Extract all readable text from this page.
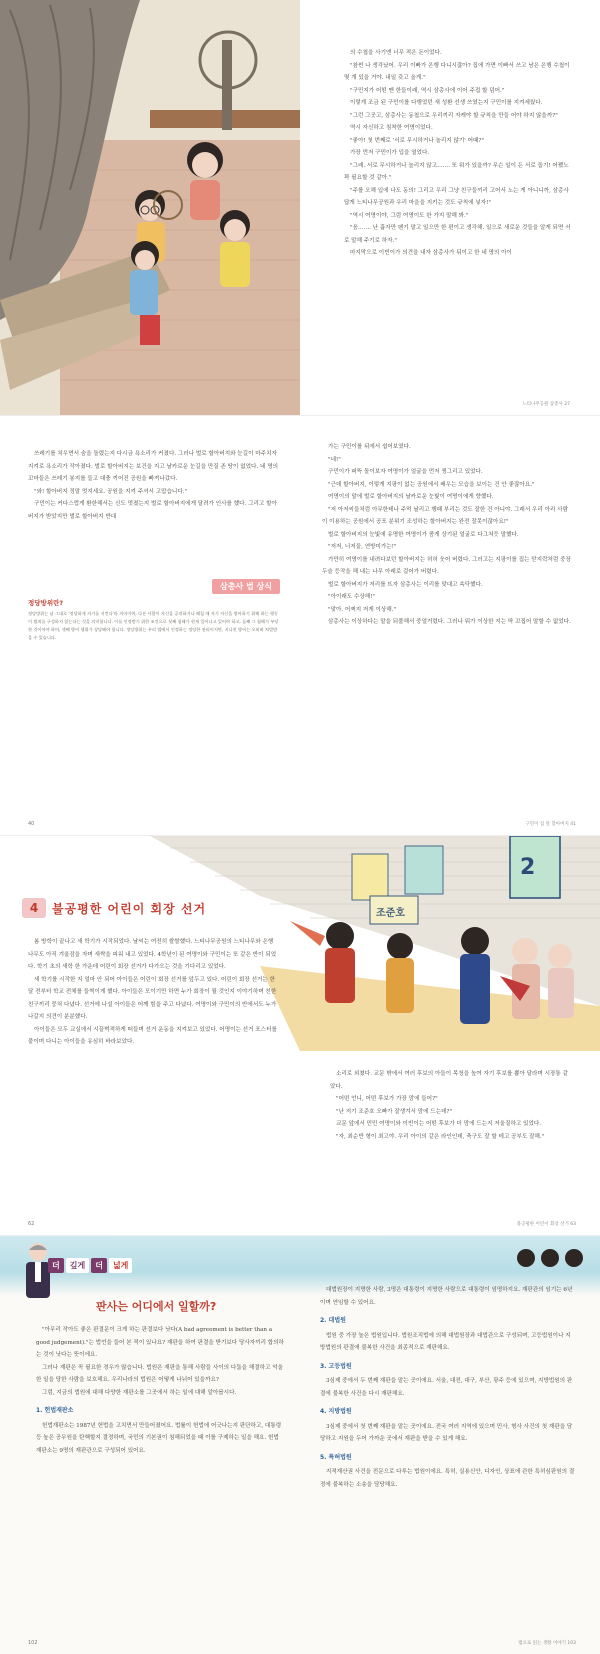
의 수첩을 사기엔 너무 적은 돈이었다.

"참썬 나 생각났어. 우리 이빠가 은행 다니시잖아? 집에 가면 이빠서 쓰고 남은 은행 수첩이 몇 개 있을 거야. 내일 갖고 올게."

"구민지가 어떤 맨 한들이래, 역시 삼총사에 이어 주접 할 덤어."

이렇게 조금 된 구민이를 다행었던 새 성환 선생 쓰였는지 구민이를 지켜세웠다.

"그런 그곳고, 삼총사는 동첩으로 우리끼리 자캐야 할 규칙을 만들 어야 하지 않을까?"

역시 자신하고 침착한 여명이었다.

"좋아! 첫 번째로 '서로 무시하거나 놀리지 않기' 어때?"

가장 먼저 구민이가 입을 열었다.

"그래. 서로 무시하거나 놀리지 않고……. 또 뭐가 있을까? 무슨 일이 든 서로 돕기! 어쨌노 꽉 필요할 것 같아."

"주를 오해 입에 나도 동의! 그리고 우리 그냥 친구들끼리 고어서 노는 게 아니니까, 삼총사답게 느티나무공원과 우리 마을을 지키는 것도 규칙에 넣자!"

"역시 여명이야, 그럼 여명이도 한 가지 말해 봐."

"음……. 난 흡자만 펜기 말고 일으만 한 편이고 생각해. 일으로 새로운 것들을 알게 되면 서로 말해 주기로 하자."

마지막으로 이빈이가 의견을 내자 삼총사가 뒤이고 한 네 명의 아이

느티나무공원 삼총사 27

쓰레기를 치우면서 숨을 돌렸는지 다시금 욕소리가 커졌다. 그러나 벌로 할아버지와 눈길이 마주치자 지켜로 욕소리가 작아졌다. 벌로 할아버지는 보건을 지고 날카로운 눈길을 만질 존 땅이 없었다. 네 명의 꼬마들은 쓰레기 봉지를 들고 대충 끼어진 공원을 빠져나갔다.

"와! 할아버지 정말 멋지세요. 공원을 지켜 주셔서 고맙습니다."

구민이는 커다스럽게 환한해서는 신도 멋졌는지 벌로 할아버지에게 달려가 인사를 했다. 그리고 할아버지가 받았지만 벌로 할아버지 반대

삼총사 법 상식
정당방위란?
정당방위는 남 그대로 '정당하게 자기를 지킨다'라 의미이며, 다른 사람이 자신을 공격하거나 해칠 때 자기 자신을 방어하기 위해 하는 행동이 범죄를 구성하지 않는다는 것을 의미합니다. 이를 인정받기 위한 조건으로 첫째 침해가 현재 일어나고 있어야 하고, 둘째 그 침해가 부당한 것이어야 하며, 셋째 방어 행위가 상당해야 합니다. 정당방위는 우리 법에서 인정하는 정당한 권리이지만, 지나친 방어는 오히려 처벌받을 수 있습니다.
40

가는 구민이를 뒤에서 쉽어보였다.

"네!"

구민이가 퍼뜩 돌이보자 여명이가 얼굴을 먼저 찡그리고 있었다.

"근데 할아버지, 이렇게 지팡이 없는 공원에서 배우는 모습을 보이는 건 안 좋잖아요."

여명이의 말에 벌로 할아버지의 날카로운 눈빛이 여명이에게 향했다.

"저 아저씨들처럼 아무한테나 주먹 날리고 행패 부리는 것도 잘한 건 아니야. 그래서 우리 아리 사람이 이용하는 공원에서 공포 분위기 조성하는 할아버지는 완전 잘못이잖아요!"

벌로 할아버지의 눈빛에 유명한 여명이가 콤게 상기된 얼굴로 다그쳐듯 말했다.

"저저, 너저들, 연방미가는!"

가만히 여명이를 내려다보던 할아버지는 허허 웃어 버렸다. 그러고는 지팡이를 집는 맏지락처럼 중장 두슬 등작을 해 내는 나무 아래로 걸어가 버렸다.

벌로 할아버지가 저리를 뜨자 삼총사는 이리를 맞대고 속닥했다.

"아이래도 수상해!"

"맞아. 어쩌지 저게 이상해."

삼총사는 이상하다는 말을 되풀해서 중얼거렸다. 그러나 뭐가 이상한 지는 딱 꼬집어 말할 수 없었다.

구민이 집 앞 할아버지 41
2
조준호
4	불공평한 어린이 회장 선거

봄 방학이 끝나고 새 학기가 시작되었다. 날씨는 여전히 쌀쌀했다. 느티나무공원의 느티나무와 은행나무도 아직 겨울잠을 자며 새싹을 피워 내고 있었다. 4학년이 된 여명이와 구민이는 또 같은 반이 되었다. 학기 초의 새학 한 가운데 어린이 회장 선거가 다가오는 것을 기다리고 있었다.

새 학기를 시작한 지 얼마 안 되어 아이들은 어린이 회장 선거를 앞두고 있다. 어린이 회장 선거는 한 달 전부터 학교 전체를 들썩이게 했다. 아이들은 모이기만 하면 누가 회장이 될 것인지 이야기하며 친한 친구끼리 뭉쳐 다녔다. 선거에 나설 아이들은 어깨 힘을 주고 다녔다. 여명이와 구민이의 반에서도 누가 나갈지 의견이 분분했다.

아이들은 모두 교실에서 시끌벅적하게 떠들며 선거 운동을 지켜보고 있었다. 어명이는 선거 포스터를 붙이며 다니는 아이들을 유심히 바라보았다.

62

소리로 외쳤다. 교문 밖에서 여러 후보의 아들이 목청을 높여 자기 후보를 뽑아 달라며 시장통 같았다.

"어떤 언니, 어떤 후보가 가장 맘에 들어?"

"난 저기 조준호 오빠가 잘생겨서 맘에 드는데?"

교문 앞에서 민민 여명이와 이빈이는 어떤 후보가 더 맘에 드는지 저울질하고 있었다.

"자, 최순반 형이 최고야. 우리 아이의 같은 라인인데, 축구도 잘 할 테고 공부도 잘해."

불공평한 어린이 회장 선거 63
더 깊게 더 넓게
판사는 어디에서 일할까?

"아무리 작아도 좋은 판결문이 크게 하는 판결보다 낫다(A bad agreement is better than a good judgement)."는 법언을 들어 본 적이 있나요? 재판을 하여 판결을 받기보다 당사자끼리 합의하는 것이 낫다는 뜻이에요.

그러나 재판은 꼭 필요한 경우가 많습니다. 법원은 재판을 통해 사람들 사이의 다툼을 해결하고 억울한 일을 당한 사람을 보호해요. 우리나라의 법원은 어떻게 나뉘어 있을까요?

그럼, 지금의 법원에 대해 다양한 재판소를 그곳에서 하는 일에 대해 알아봅시다.

1. 헌법재판소

헌법재판소는 1987년 헌법을 고치면서 만들어졌어요. 법률이 헌법에 어긋나는지 판단하고, 대통령 등 높은 공무원을 탄핵할지 결정하며, 국민의 기본권이 침해되었을 때 이를 구제하는 일을 해요. 헌법재판소는 9명의 재판관으로 구성되어 있어요.

102

대법원장이 지명한 사람, 3명은 대통령이 지명한 사람으로 대통령이 임명하지요. 재판관의 임기는 6년이며 연임할 수 있어요.

2. 대법원

법원 중 가장 높은 법원입니다. 법원조직법에 의해 대법원장과 대법관으로 구성되며, 고등법원이나 지방법원의 판결에 불복한 사건을 최종적으로 재판해요.

3. 고등법원

3심제 중에서 두 번째 재판을 맡는 곳이에요. 서울, 대전, 대구, 부산, 광주 등에 있으며, 지방법원의 판결에 불복한 사건을 다시 재판해요.

4. 지방법원

3심제 중에서 첫 번째 재판을 맡는 곳이에요. 전국 여러 지역에 있으며 민사, 형사 사건의 첫 재판을 담당하고 지원을 두어 가까운 곳에서 재판을 받을 수 있게 해요.

5. 특허법원

지적재산권 사건을 전문으로 다루는 법원이에요. 특허, 실용신안, 디자인, 상표에 관한 특허심판원의 결정에 불복하는 소송을 담당해요.

법으로 읽는 생활 이야기 103
